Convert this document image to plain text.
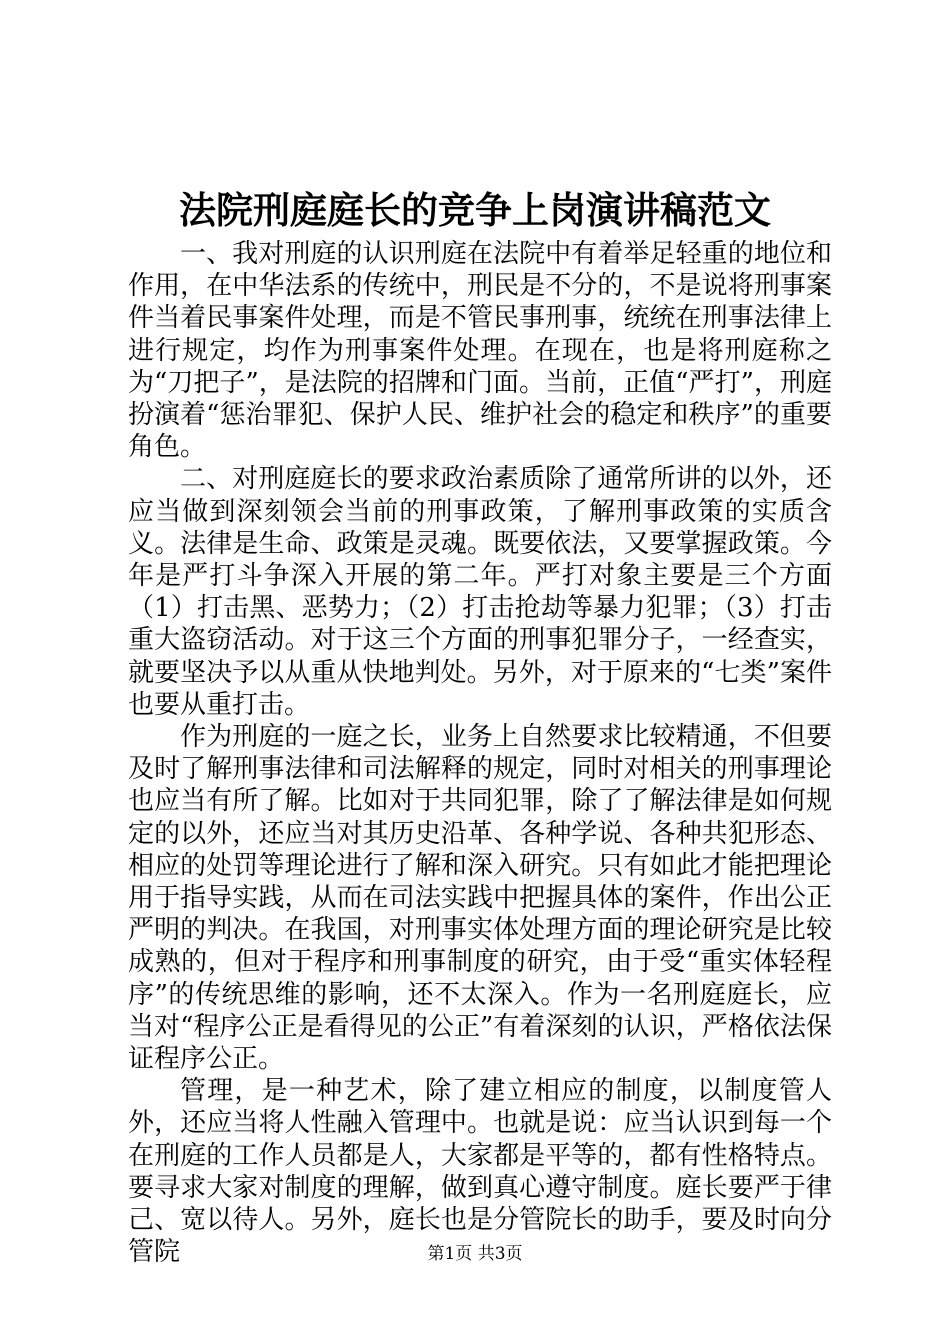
法院刑庭庭长的竞争上岗演讲稿范文

一、我对刑庭的认识刑庭在法院中有着举足轻重的地位和作用，在中华法系的传统中，刑民是不分的，不是说将刑事案件当着民事案件处理，而是不管民事刑事，统统在刑事法律上进行规定，均作为刑事案件处理。在现在，也是将刑庭称之为“刀把子”，是法院的招牌和门面。当前，正值“严打”，刑庭扮演着“惩治罪犯、保护人民、维护社会的稳定和秩序”的重要角色。

二、对刑庭庭长的要求政治素质除了通常所讲的以外，还应当做到深刻领会当前的刑事政策，了解刑事政策的实质含义。法律是生命、政策是灵魂。既要依法，又要掌握政策。今年是严打斗争深入开展的第二年。严打对象主要是三个方面（1）打击黑、恶势力；（2）打击抢劫等暴力犯罪；（3）打击重大盗窃活动。对于这三个方面的刑事犯罪分子，一经查实，就要坚决予以从重从快地判处。另外，对于原来的“七类”案件也要从重打击。

作为刑庭的一庭之长，业务上自然要求比较精通，不但要及时了解刑事法律和司法解释的规定，同时对相关的刑事理论也应当有所了解。比如对于共同犯罪，除了了解法律是如何规定的以外，还应当对其历史沿革、各种学说、各种共犯形态、相应的处罚等理论进行了解和深入研究。只有如此才能把理论用于指导实践，从而在司法实践中把握具体的案件，作出公正严明的判决。在我国，对刑事实体处理方面的理论研究是比较成熟的，但对于程序和刑事制度的研究，由于受“重实体轻程序”的传统思维的影响，还不太深入。作为一名刑庭庭长，应当对“程序公正是看得见的公正”有着深刻的认识，严格依法保证程序公正。

管理，是一种艺术，除了建立相应的制度，以制度管人外，还应当将人性融入管理中。也就是说：应当认识到每一个在刑庭的工作人员都是人，大家都是平等的，都有性格特点。要寻求大家对制度的理解，做到真心遵守制度。庭长要严于律己、宽以待人。另外，庭长也是分管院长的助手，要及时向分管院	第1页 共3页
